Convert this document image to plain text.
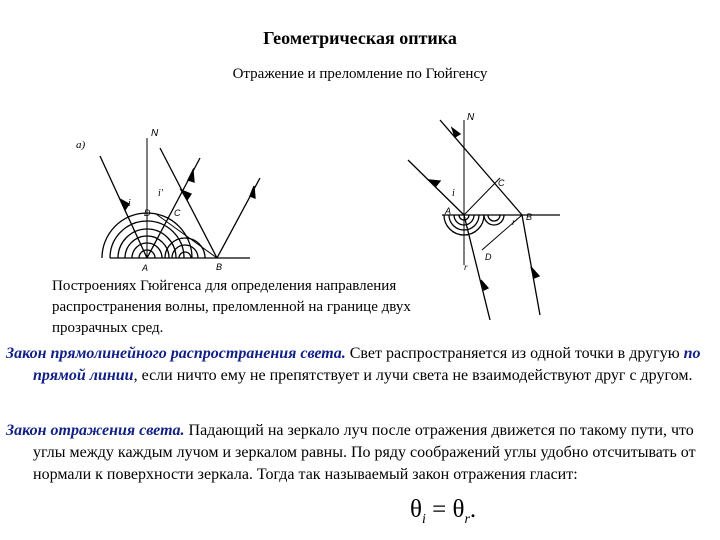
Геометрическая оптика
Отражение и преломление по Гюйгенсу
а)
N
i
i'
D	C
A	B
N
i
A
C
B
D
r
r'
Построениях Гюйгенса для определения направления распространения волны, преломленной на границе двух прозрачных сред.
Закон прямолинейного распространения света. Свет распространяется из одной точки в другую по прямой линии, если ничто ему не препятствует и лучи света не взаимодействуют друг с другом.
Закон отражения света. Падающий на зеркало луч после отражения движется по такому пути, что углы между каждым лучом и зеркалом равны. По ряду соображений углы удобно отсчитывать от нормали к поверхности зеркала. Тогда так называемый закон отражения гласит:
$\theta_i = \theta_r$.
